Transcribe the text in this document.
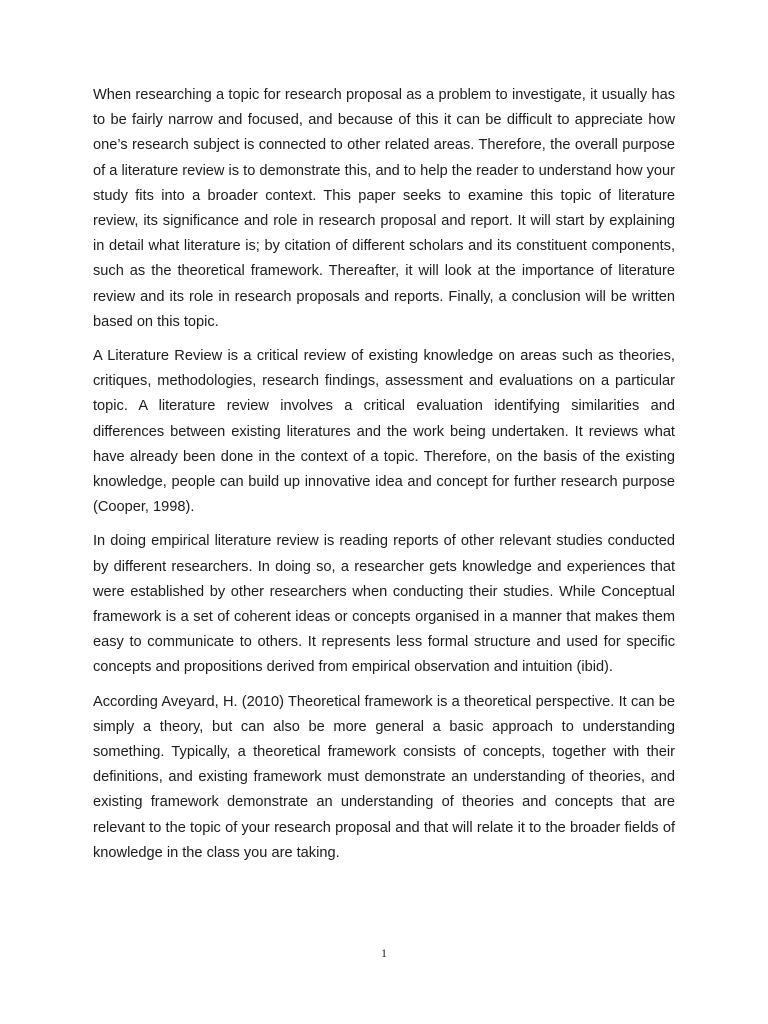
When researching a topic for research proposal as a problem to investigate, it usually has to be fairly narrow and focused, and because of this it can be difficult to appreciate how one’s research subject is connected to other related areas. Therefore, the overall purpose of a literature review is to demonstrate this, and to help the reader to understand how your study fits into a broader context. This paper seeks to examine this topic of literature review, its significance and role in research proposal and report. It will start by explaining in detail what literature is; by citation of different scholars and its constituent components, such as the theoretical framework. Thereafter, it will look at the importance of literature review and its role in research proposals and reports. Finally, a conclusion will be written based on this topic.

A Literature Review is a critical review of existing knowledge on areas such as theories, critiques, methodologies, research findings, assessment and evaluations on a particular topic. A literature review involves a critical evaluation identifying similarities and differences between existing literatures and the work being undertaken. It reviews what have already been done in the context of a topic. Therefore, on the basis of the existing knowledge, people can build up innovative idea and concept for further research purpose (Cooper, 1998).

In doing empirical literature review is reading reports of other relevant studies conducted by different researchers. In doing so, a researcher gets knowledge and experiences that were established by other researchers when conducting their studies. While Conceptual framework is a set of coherent ideas or concepts organised in a manner that makes them easy to communicate to others. It represents less formal structure and used for specific concepts and propositions derived from empirical observation and intuition (ibid).

According Aveyard, H. (2010) Theoretical framework is a theoretical perspective. It can be simply a theory, but can also be more general a basic approach to understanding something. Typically, a theoretical framework consists of concepts, together with their definitions, and existing framework must demonstrate an understanding of theories, and existing framework demonstrate an understanding of theories and concepts that are relevant to the topic of your research proposal and that will relate it to the broader fields of knowledge in the class you are taking.

1
